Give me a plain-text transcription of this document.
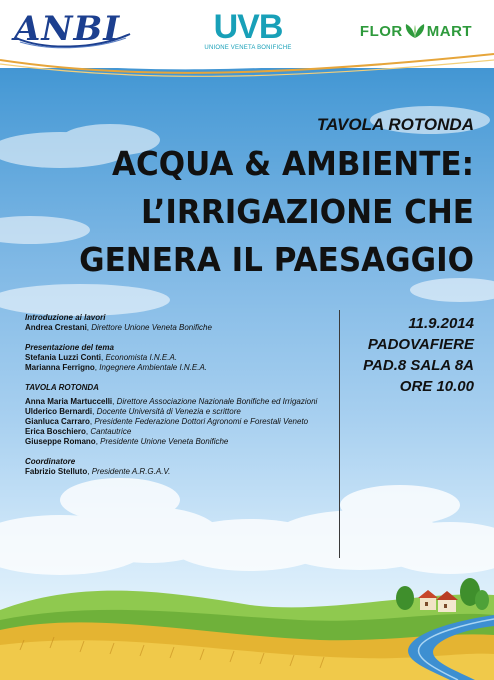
ANBI	UVB
UNIONE VENETA BONIFICHE
FLOR MART
TAVOLA ROTONDA
ACQUA & AMBIENTE:
L’IRRIGAZIONE CHE
GENERA IL PAESAGGIO
Introduzione ai lavori
Andrea Crestani, Direttore Unione Veneta Bonifiche
Presentazione del tema
Stefania Luzzi Conti, Economista I.N.E.A.
Marianna Ferrigno, Ingegnere Ambientale I.N.E.A.
TAVOLA ROTONDA
Anna Maria Martuccelli, Direttore Associazione Nazionale Bonifiche ed Irrigazioni
Ulderico Bernardi, Docente Università di Venezia e scrittore
Gianluca Carraro, Presidente Federazione Dottori Agronomi e Forestali Veneto
Erica Boschiero, Cantautrice
Giuseppe Romano, Presidente Unione Veneta Bonifiche
Coordinatore
Fabrizio Stelluto, Presidente A.R.G.A.V.
11.9.2014
PADOVAFIERE
PAD.8 SALA 8A
ORE 10.00
